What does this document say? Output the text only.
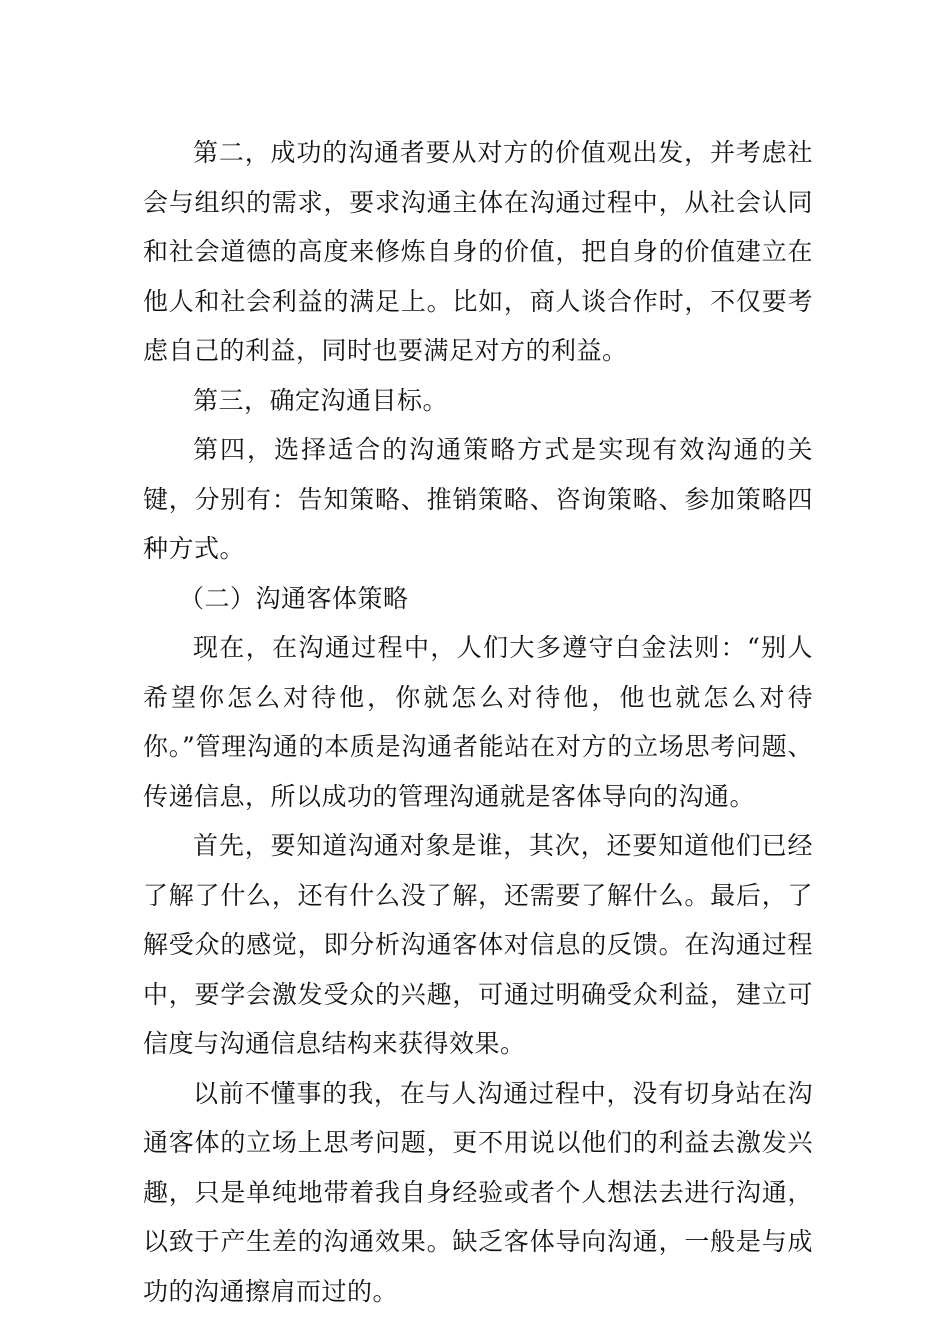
第二，成功的沟通者要从对方的价值观出发，并考虑社会与组织的需求，要求沟通主体在沟通过程中，从社会认同和社会道德的高度来修炼自身的价值，把自身的价值建立在他人和社会利益的满足上。比如，商人谈合作时，不仅要考虑自己的利益，同时也要满足对方的利益。

第三，确定沟通目标。

第四，选择适合的沟通策略方式是实现有效沟通的关键，分别有：告知策略、推销策略、咨询策略、参加策略四种方式。

（二）沟通客体策略

现在，在沟通过程中，人们大多遵守白金法则：“别人希望你怎么对待他，你就怎么对待他，他也就怎么对待你。”管理沟通的本质是沟通者能站在对方的立场思考问题、传递信息，所以成功的管理沟通就是客体导向的沟通。

首先，要知道沟通对象是谁，其次，还要知道他们已经了解了什么，还有什么没了解，还需要了解什么。最后，了解受众的感觉，即分析沟通客体对信息的反馈。在沟通过程中，要学会激发受众的兴趣，可通过明确受众利益，建立可信度与沟通信息结构来获得效果。

以前不懂事的我，在与人沟通过程中，没有切身站在沟通客体的立场上思考问题，更不用说以他们的利益去激发兴趣，只是单纯地带着我自身经验或者个人想法去进行沟通，以致于产生差的沟通效果。缺乏客体导向沟通，一般是与成功的沟通擦肩而过的。
